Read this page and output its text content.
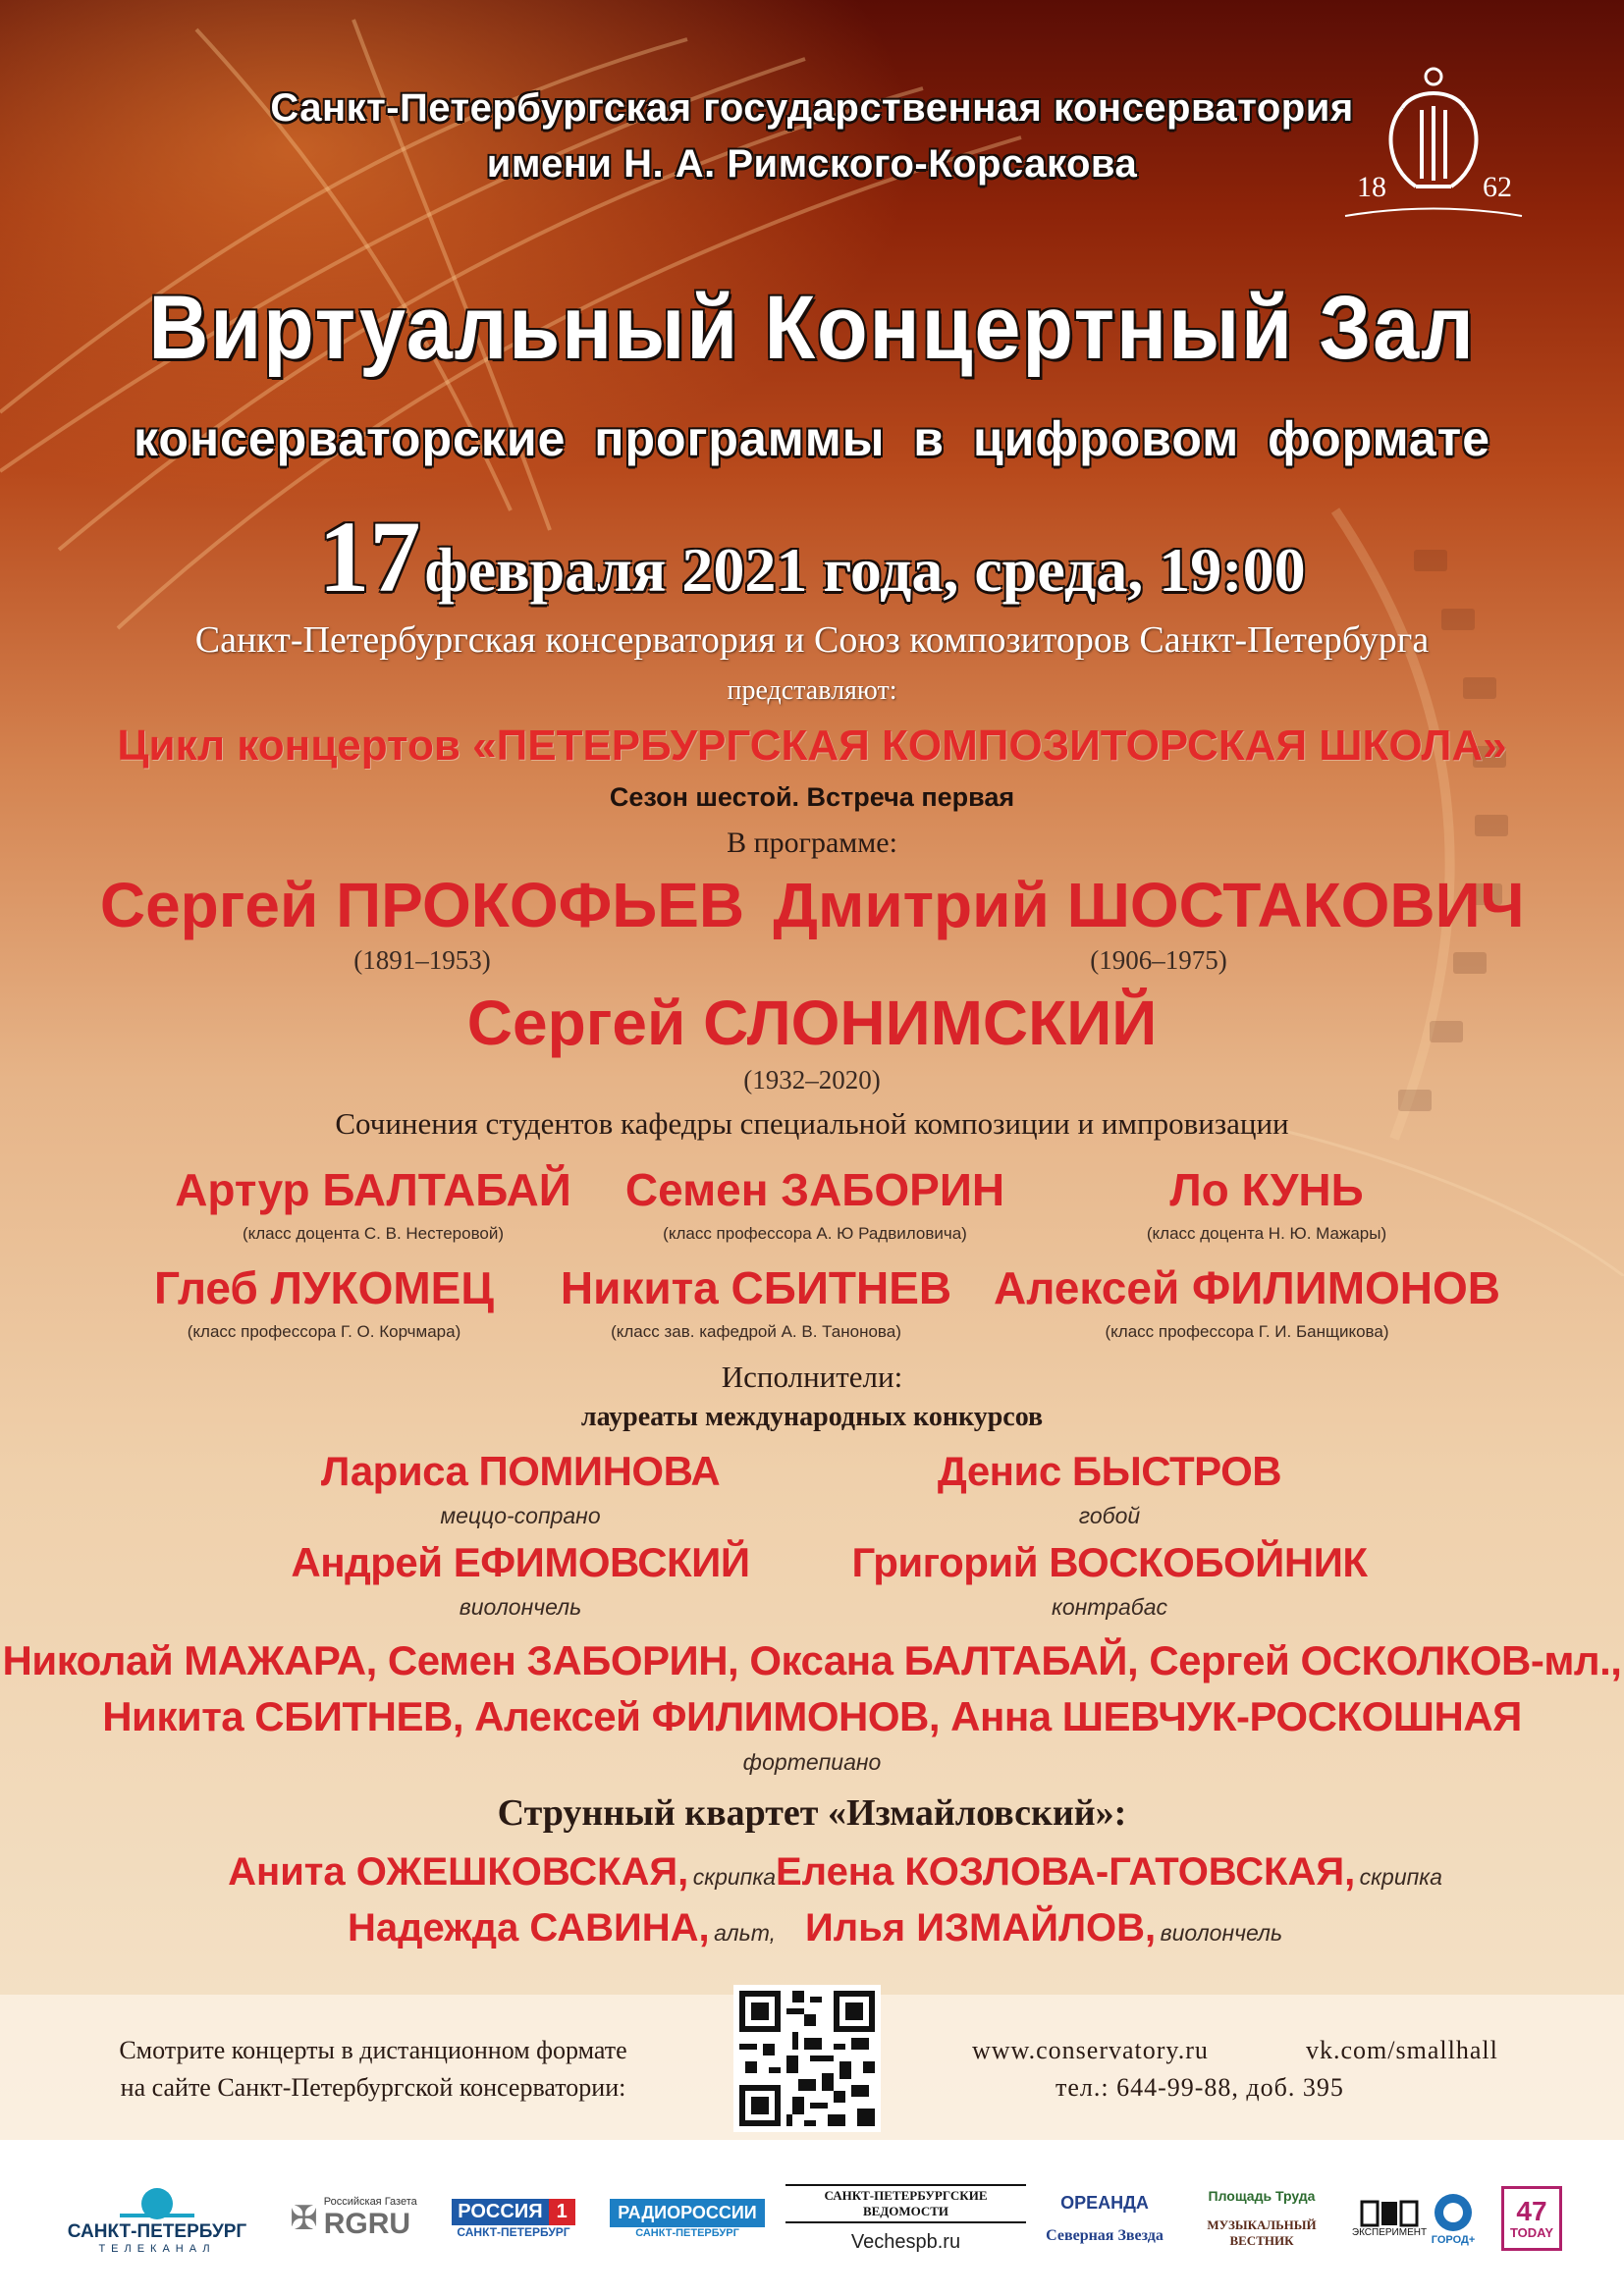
18	62
Санкт-Петербургская государственная консерватория
имени Н. А. Римского-Корсакова
Виртуальный Концертный Зал
консерваторские программы в цифровом формате
17 февраля 2021 года, среда, 19:00
Санкт-Петербургская консерватория и Союз композиторов Санкт-Петербурга
представляют:
Цикл концертов «ПЕТЕРБУРГСКАЯ КОМПОЗИТОРСКАЯ ШКОЛА»
Сезон шестой. Встреча первая
В программе:
Сергей ПРОКОФЬЕВ
(1891–1953)
Дмитрий ШОСТАКОВИЧ
(1906–1975)
Сергей СЛОНИМСКИЙ
(1932–2020)
Сочинения студентов кафедры специальной композиции и импровизации
Артур БАЛТАБАЙ
(класс доцента С. В. Нестеровой)
Семен ЗАБОРИН
(класс профессора А. Ю Радвиловича)
Ло КУНЬ
(класс доцента Н. Ю. Мажары)
Глеб ЛУКОМЕЦ
(класс профессора Г. О. Корчмара)
Никита СБИТНЕВ
(класс зав. кафедрой А. В. Танонова)
Алексей ФИЛИМОНОВ
(класс профессора Г. И. Банщикова)
Исполнители:
лауреаты международных конкурсов
Лариса ПОМИНОВА
меццо-сопрано
Денис БЫСТРОВ
гобой
Андрей ЕФИМОВСКИЙ
виолончель
Григорий ВОСКОБОЙНИК
контрабас
Николай МАЖАРА, Семен ЗАБОРИН, Оксана БАЛТАБАЙ, Сергей ОСКОЛКОВ-мл.,
Никита СБИТНЕВ, Алексей ФИЛИМОНОВ, Анна ШЕВЧУК-РОСКОШНАЯ
фортепиано
Струнный квартет «Измайловский»:
Анита ОЖЕШКОВСКАЯ, скрипка Елена КОЗЛОВА-ГАТОВСКАЯ, скрипка
Надежда САВИНА, альт, Илья ИЗМАЙЛОВ, виолончель
Смотрите концерты в дистанционном формате
на сайте Санкт-Петербургской консерватории:
www.conservatory.ru	vk.com/smallhall
тел.: 644-99-88, доб. 395
САНКТ-ПЕТЕРБУРГ
ТЕЛЕКАНАЛ
✠ Российская Газета
RGRU	РОССИЯ 1
САНКТ-ПЕТЕРБУРГ
РАДИОРОССИИ
САНКТ-ПЕТЕРБУРГ
САНКТ-ПЕТЕРБУРГСКИЕ ВЕДОМОСТИ
Vechespb.ru
ОРЕАНДА
Северная Звезда
Площадь Труда
МУЗЫКАЛЬНЫЙ ВЕСТНИК
ЭКСПЕРИМЕНТ
ГОРОД+
47
TODAY
